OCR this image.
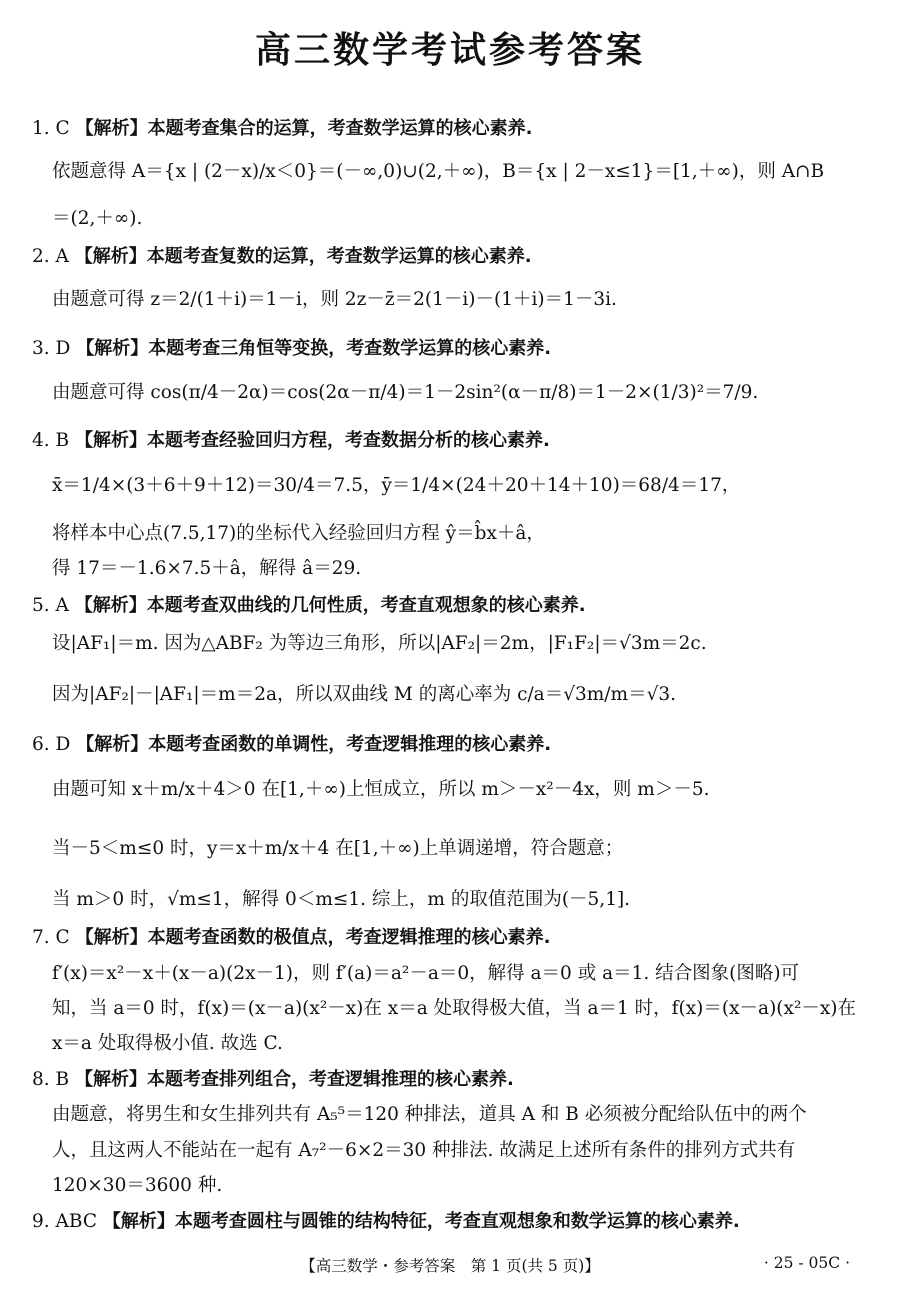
高三数学考试参考答案
1. C 【解析】本题考查集合的运算，考查数学运算的核心素养.
依题意得 A＝{x | (2－x)/x＜0}＝(－∞,0)∪(2,＋∞)，B＝{x | 2－x≤1}＝[1,＋∞)，则 A∩B
＝(2,＋∞).
2. A 【解析】本题考查复数的运算，考查数学运算的核心素养.
由题意可得 z＝2/(1＋i)＝1－i，则 2z－z̄＝2(1－i)－(1＋i)＝1－3i.
3. D 【解析】本题考查三角恒等变换，考查数学运算的核心素养.
由题意可得 cos(π/4－2α)＝cos(2α－π/4)＝1－2sin²(α－π/8)＝1－2×(1/3)²＝7/9.
4. B 【解析】本题考查经验回归方程，考查数据分析的核心素养.
x̄＝1/4×(3＋6＋9＋12)＝30/4＝7.5，ȳ＝1/4×(24＋20＋14＋10)＝68/4＝17，
将样本中心点(7.5,17)的坐标代入经验回归方程 ŷ＝b̂x＋â，
得 17＝－1.6×7.5＋â，解得 â＝29.
5. A 【解析】本题考查双曲线的几何性质，考查直观想象的核心素养.
设|AF₁|＝m. 因为△ABF₂ 为等边三角形，所以|AF₂|＝2m，|F₁F₂|＝√3m＝2c.
因为|AF₂|－|AF₁|＝m＝2a，所以双曲线 M 的离心率为 c/a＝√3m/m＝√3.
6. D 【解析】本题考查函数的单调性，考查逻辑推理的核心素养.
由题可知 x＋m/x＋4＞0 在[1,＋∞)上恒成立，所以 m＞－x²－4x，则 m＞－5.
当－5＜m≤0 时，y＝x＋m/x＋4 在[1,＋∞)上单调递增，符合题意；
当 m＞0 时，√m≤1，解得 0＜m≤1. 综上，m 的取值范围为(－5,1].
7. C 【解析】本题考查函数的极值点，考查逻辑推理的核心素养.
f′(x)＝x²－x＋(x－a)(2x－1)，则 f′(a)＝a²－a＝0，解得 a＝0 或 a＝1. 结合图象(图略)可
知，当 a＝0 时，f(x)＝(x－a)(x²－x)在 x＝a 处取得极大值，当 a＝1 时，f(x)＝(x－a)(x²－x)在
x＝a 处取得极小值. 故选 C.
8. B 【解析】本题考查排列组合，考查逻辑推理的核心素养.
由题意，将男生和女生排列共有 A₅⁵＝120 种排法，道具 A 和 B 必须被分配给队伍中的两个
人，且这两人不能站在一起有 A₇²－6×2＝30 种排法. 故满足上述所有条件的排列方式共有
120×30＝3600 种.
9. ABC 【解析】本题考查圆柱与圆锥的结构特征，考查直观想象和数学运算的核心素养.
【高三数学・参考答案　第 1 页(共 5 页)】	· 25 - 05C ·
